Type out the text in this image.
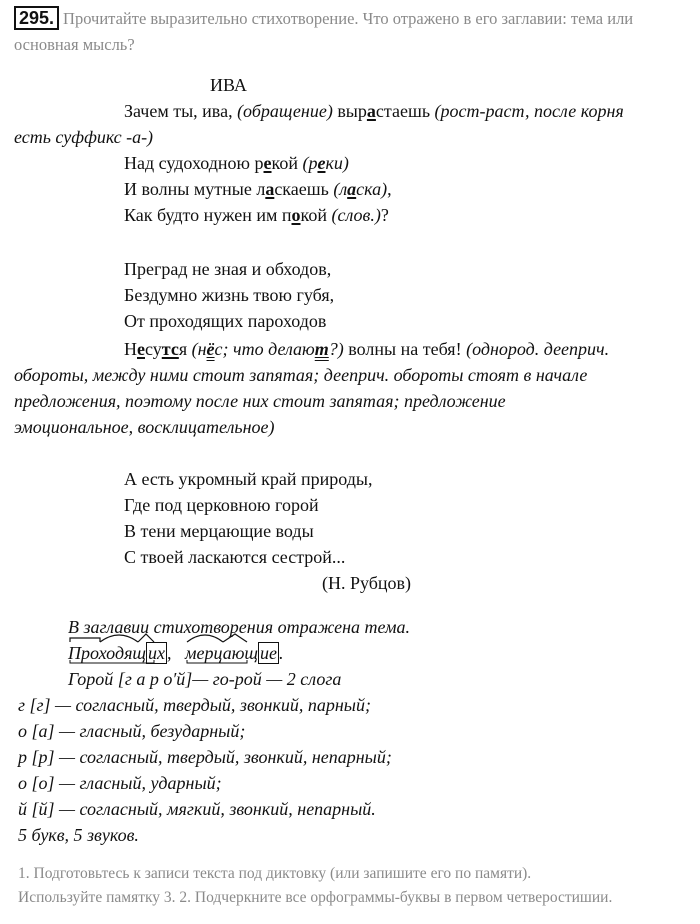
295. Прочитайте выразительно стихотворение. Что отражено в его заглавии: тема или основная мысль?
ИВА
Зачем ты, ива, (обращение) вырастаешь (рост-раст, после корня
есть суффикс -а-)
Над судоходною рекой (реки)
И волны мутные ласкаешь (ласка),
Как будто нужен им покой (слов.)?
Преград не зная и обходов,
Бездумно жизнь твою губя,
От проходящих пароходов
Несутся (нёс; что делают?) волны на тебя! (однород. дееприч.
обороты, между ними стоит запятая; дееприч. обороты стоят в начале
предложения, поэтому после них стоит запятая; предложение
эмоциональное, восклицательное)
А есть укромный край природы,
Где под церковною горой
В тени мерцающие воды
С твоей ласкаются сестрой...
(Н. Рубцов)
В заглавии стихотворения отражена тема.
Проходящ их , мерцающ ие .
Горой [г а р о′й]— го-рой — 2 слога
г [г] — согласный, твердый, звонкий, парный;
о [а] — гласный, безударный;
р [р] — согласный, твердый, звонкий, непарный;
о [о] — гласный, ударный;
й [й] — согласный, мягкий, звонкий, непарный.
5 букв, 5 звуков.
1. Подготовьтесь к записи текста под диктовку (или запишите его по памяти).
Используйте памятку 3. 2. Подчеркните все орфограммы-буквы в первом четверостишии.
